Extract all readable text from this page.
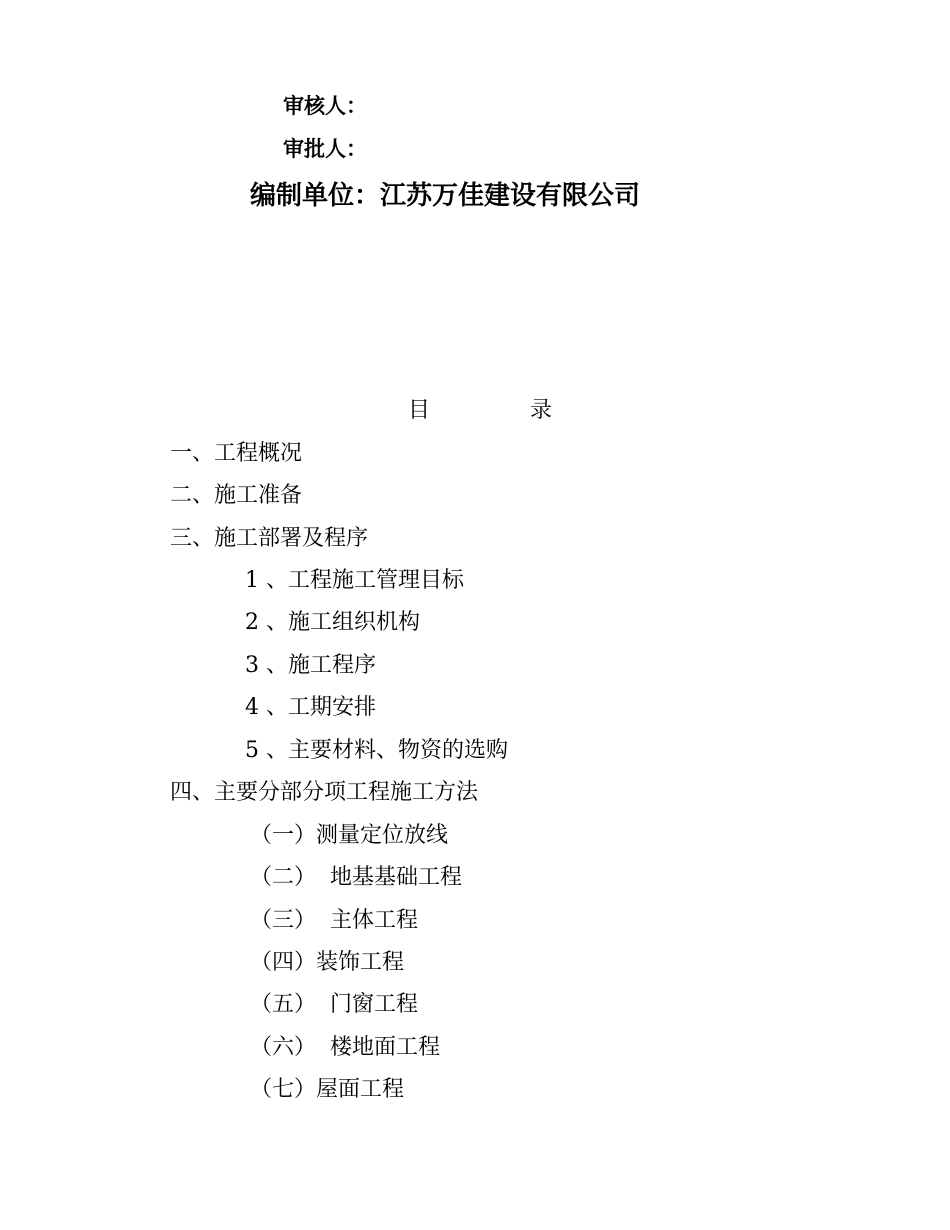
审核人：
审批人：
编制单位：江苏万佳建设有限公司
目	录
一、工程概况
二、施工准备
三、施工部署及程序
1 、工程施工管理目标
2 、施工组织机构
3 、施工程序
4 、工期安排
5 、主要材料、物资的选购
四、主要分部分项工程施工方法
（一）测量定位放线
（二）  地基基础工程
（三）  主体工程
（四）装饰工程
（五）  门窗工程
（六）  楼地面工程
（七）屋面工程
